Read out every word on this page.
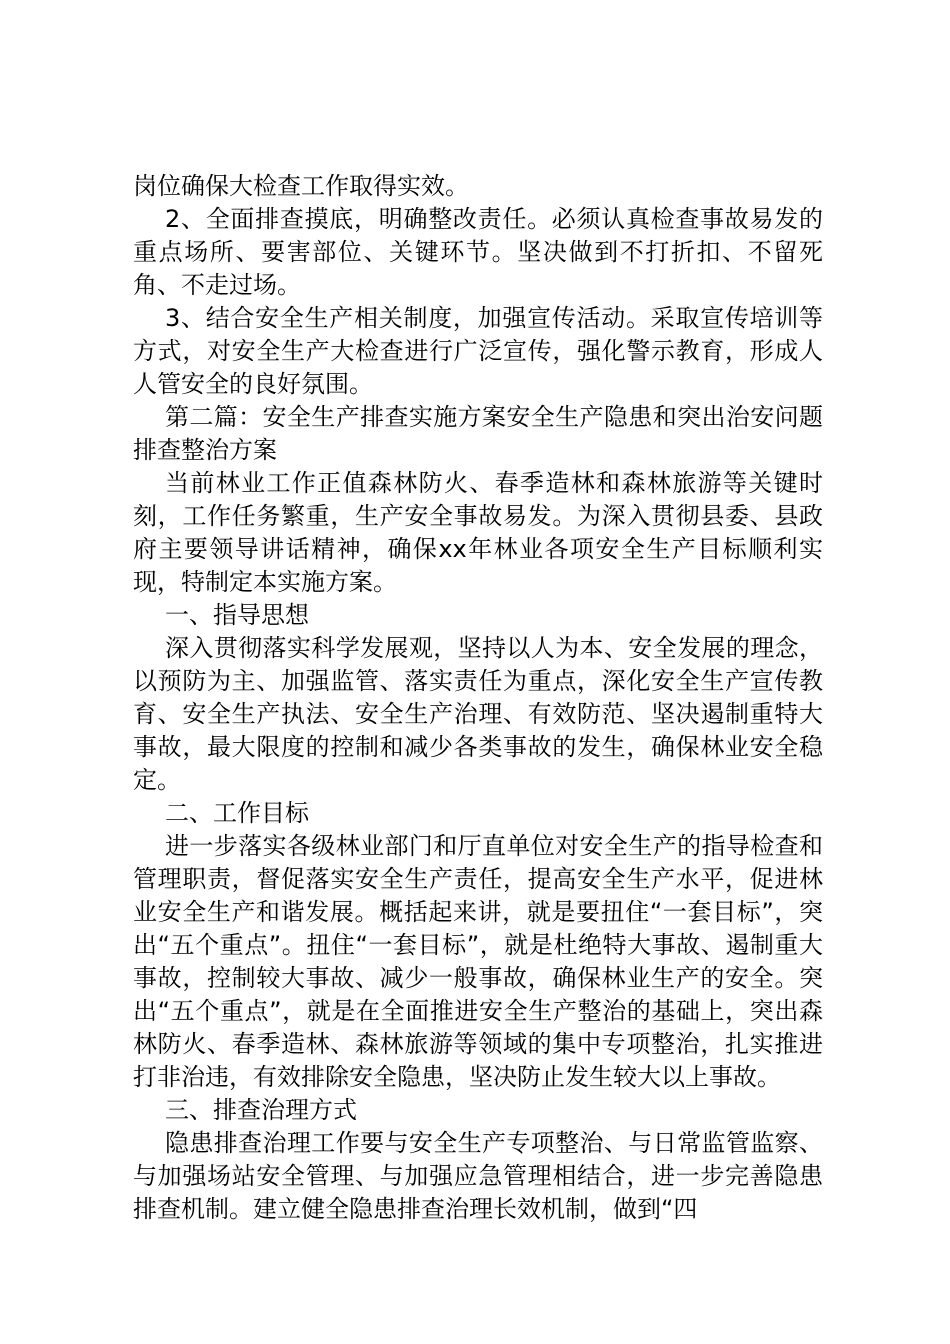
岗位确保大检查工作取得实效。

2、全面排查摸底，明确整改责任。必须认真检查事故易发的重点场所、要害部位、关键环节。坚决做到不打折扣、不留死角、不走过场。

3、结合安全生产相关制度，加强宣传活动。采取宣传培训等方式，对安全生产大检查进行广泛宣传，强化警示教育，形成人人管安全的良好氛围。

第二篇：安全生产排查实施方案安全生产隐患和突出治安问题排查整治方案

当前林业工作正值森林防火、春季造林和森林旅游等关键时刻，工作任务繁重，生产安全事故易发。为深入贯彻县委、县政府主要领导讲话精神，确保xx年林业各项安全生产目标顺利实现，特制定本实施方案。

一、指导思想

深入贯彻落实科学发展观，坚持以人为本、安全发展的理念，以预防为主、加强监管、落实责任为重点，深化安全生产宣传教育、安全生产执法、安全生产治理、有效防范、坚决遏制重特大事故，最大限度的控制和减少各类事故的发生，确保林业安全稳定。

二、工作目标

进一步落实各级林业部门和厅直单位对安全生产的指导检查和管理职责，督促落实安全生产责任，提高安全生产水平，促进林业安全生产和谐发展。概括起来讲，就是要扭住“一套目标”，突出“五个重点”。扭住“一套目标”，就是杜绝特大事故、遏制重大事故，控制较大事故、减少一般事故，确保林业生产的安全。突出“五个重点”，就是在全面推进安全生产整治的基础上，突出森林防火、春季造林、森林旅游等领域的集中专项整治，扎实推进打非治违，有效排除安全隐患，坚决防止发生较大以上事故。

三、排查治理方式

隐患排查治理工作要与安全生产专项整治、与日常监管监察、与加强场站安全管理、与加强应急管理相结合，进一步完善隐患排查机制。建立健全隐患排查治理长效机制，做到“四
